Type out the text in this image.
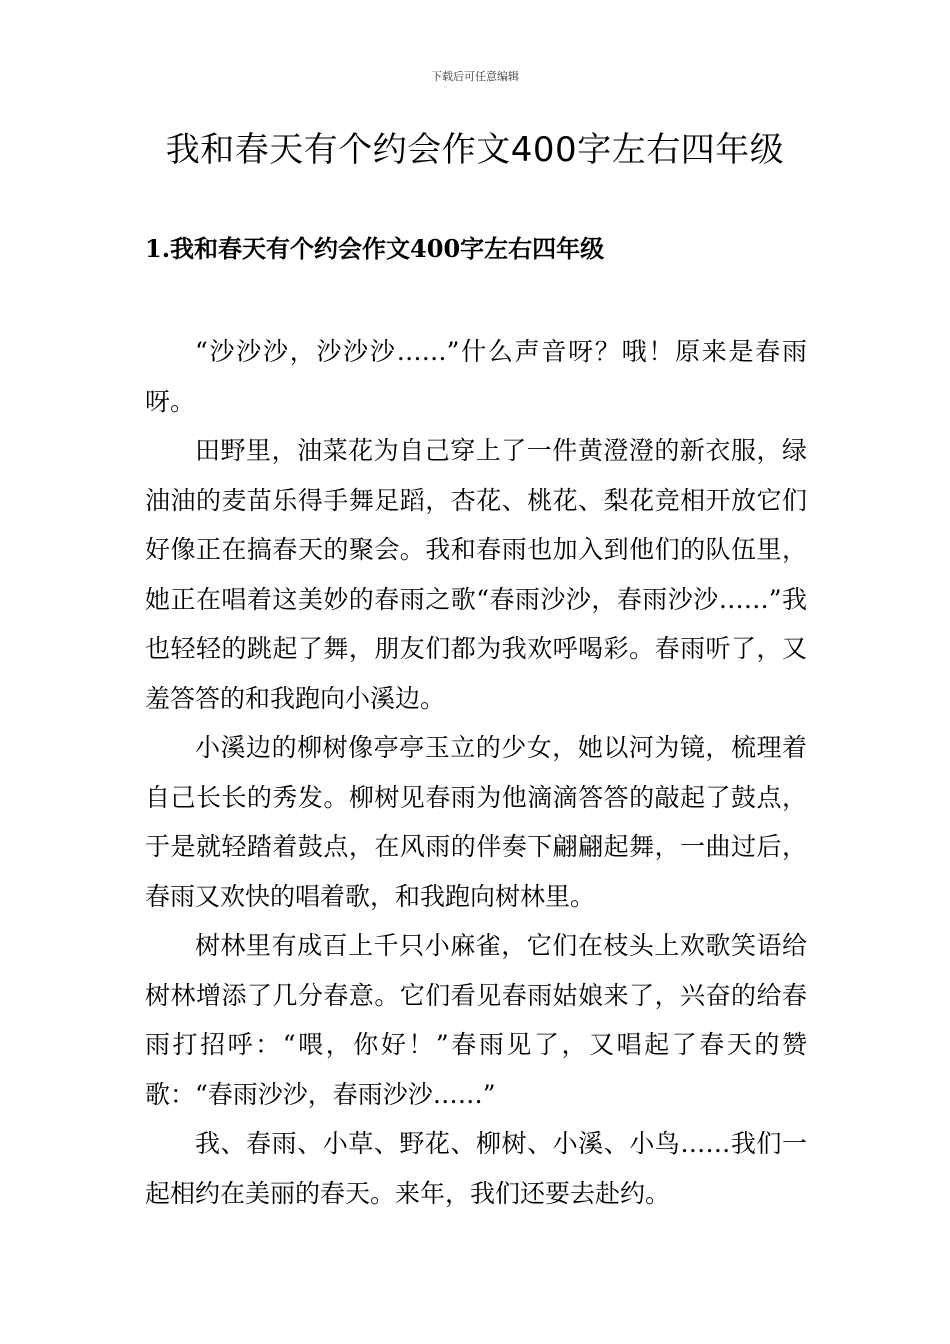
下载后可任意编辑
我和春天有个约会作文400字左右四年级
1.我和春天有个约会作文400字左右四年级

“沙沙沙，沙沙沙……”什么声音呀？哦！原来是春雨呀。

田野里，油菜花为自己穿上了一件黄澄澄的新衣服，绿油油的麦苗乐得手舞足蹈，杏花、桃花、梨花竞相开放它们好像正在搞春天的聚会。我和春雨也加入到他们的队伍里，她正在唱着这美妙的春雨之歌“春雨沙沙，春雨沙沙……”我也轻轻的跳起了舞，朋友们都为我欢呼喝彩。春雨听了，又羞答答的和我跑向小溪边。

小溪边的柳树像亭亭玉立的少女，她以河为镜，梳理着自己长长的秀发。柳树见春雨为他滴滴答答的敲起了鼓点，于是就轻踏着鼓点，在风雨的伴奏下翩翩起舞，一曲过后，春雨又欢快的唱着歌，和我跑向树林里。

树林里有成百上千只小麻雀，它们在枝头上欢歌笑语给树林增添了几分春意。它们看见春雨姑娘来了，兴奋的给春雨打招呼：“喂，你好！”春雨见了，又唱起了春天的赞歌：“春雨沙沙，春雨沙沙……”

我、春雨、小草、野花、柳树、小溪、小鸟……我们一起相约在美丽的春天。来年，我们还要去赴约。
